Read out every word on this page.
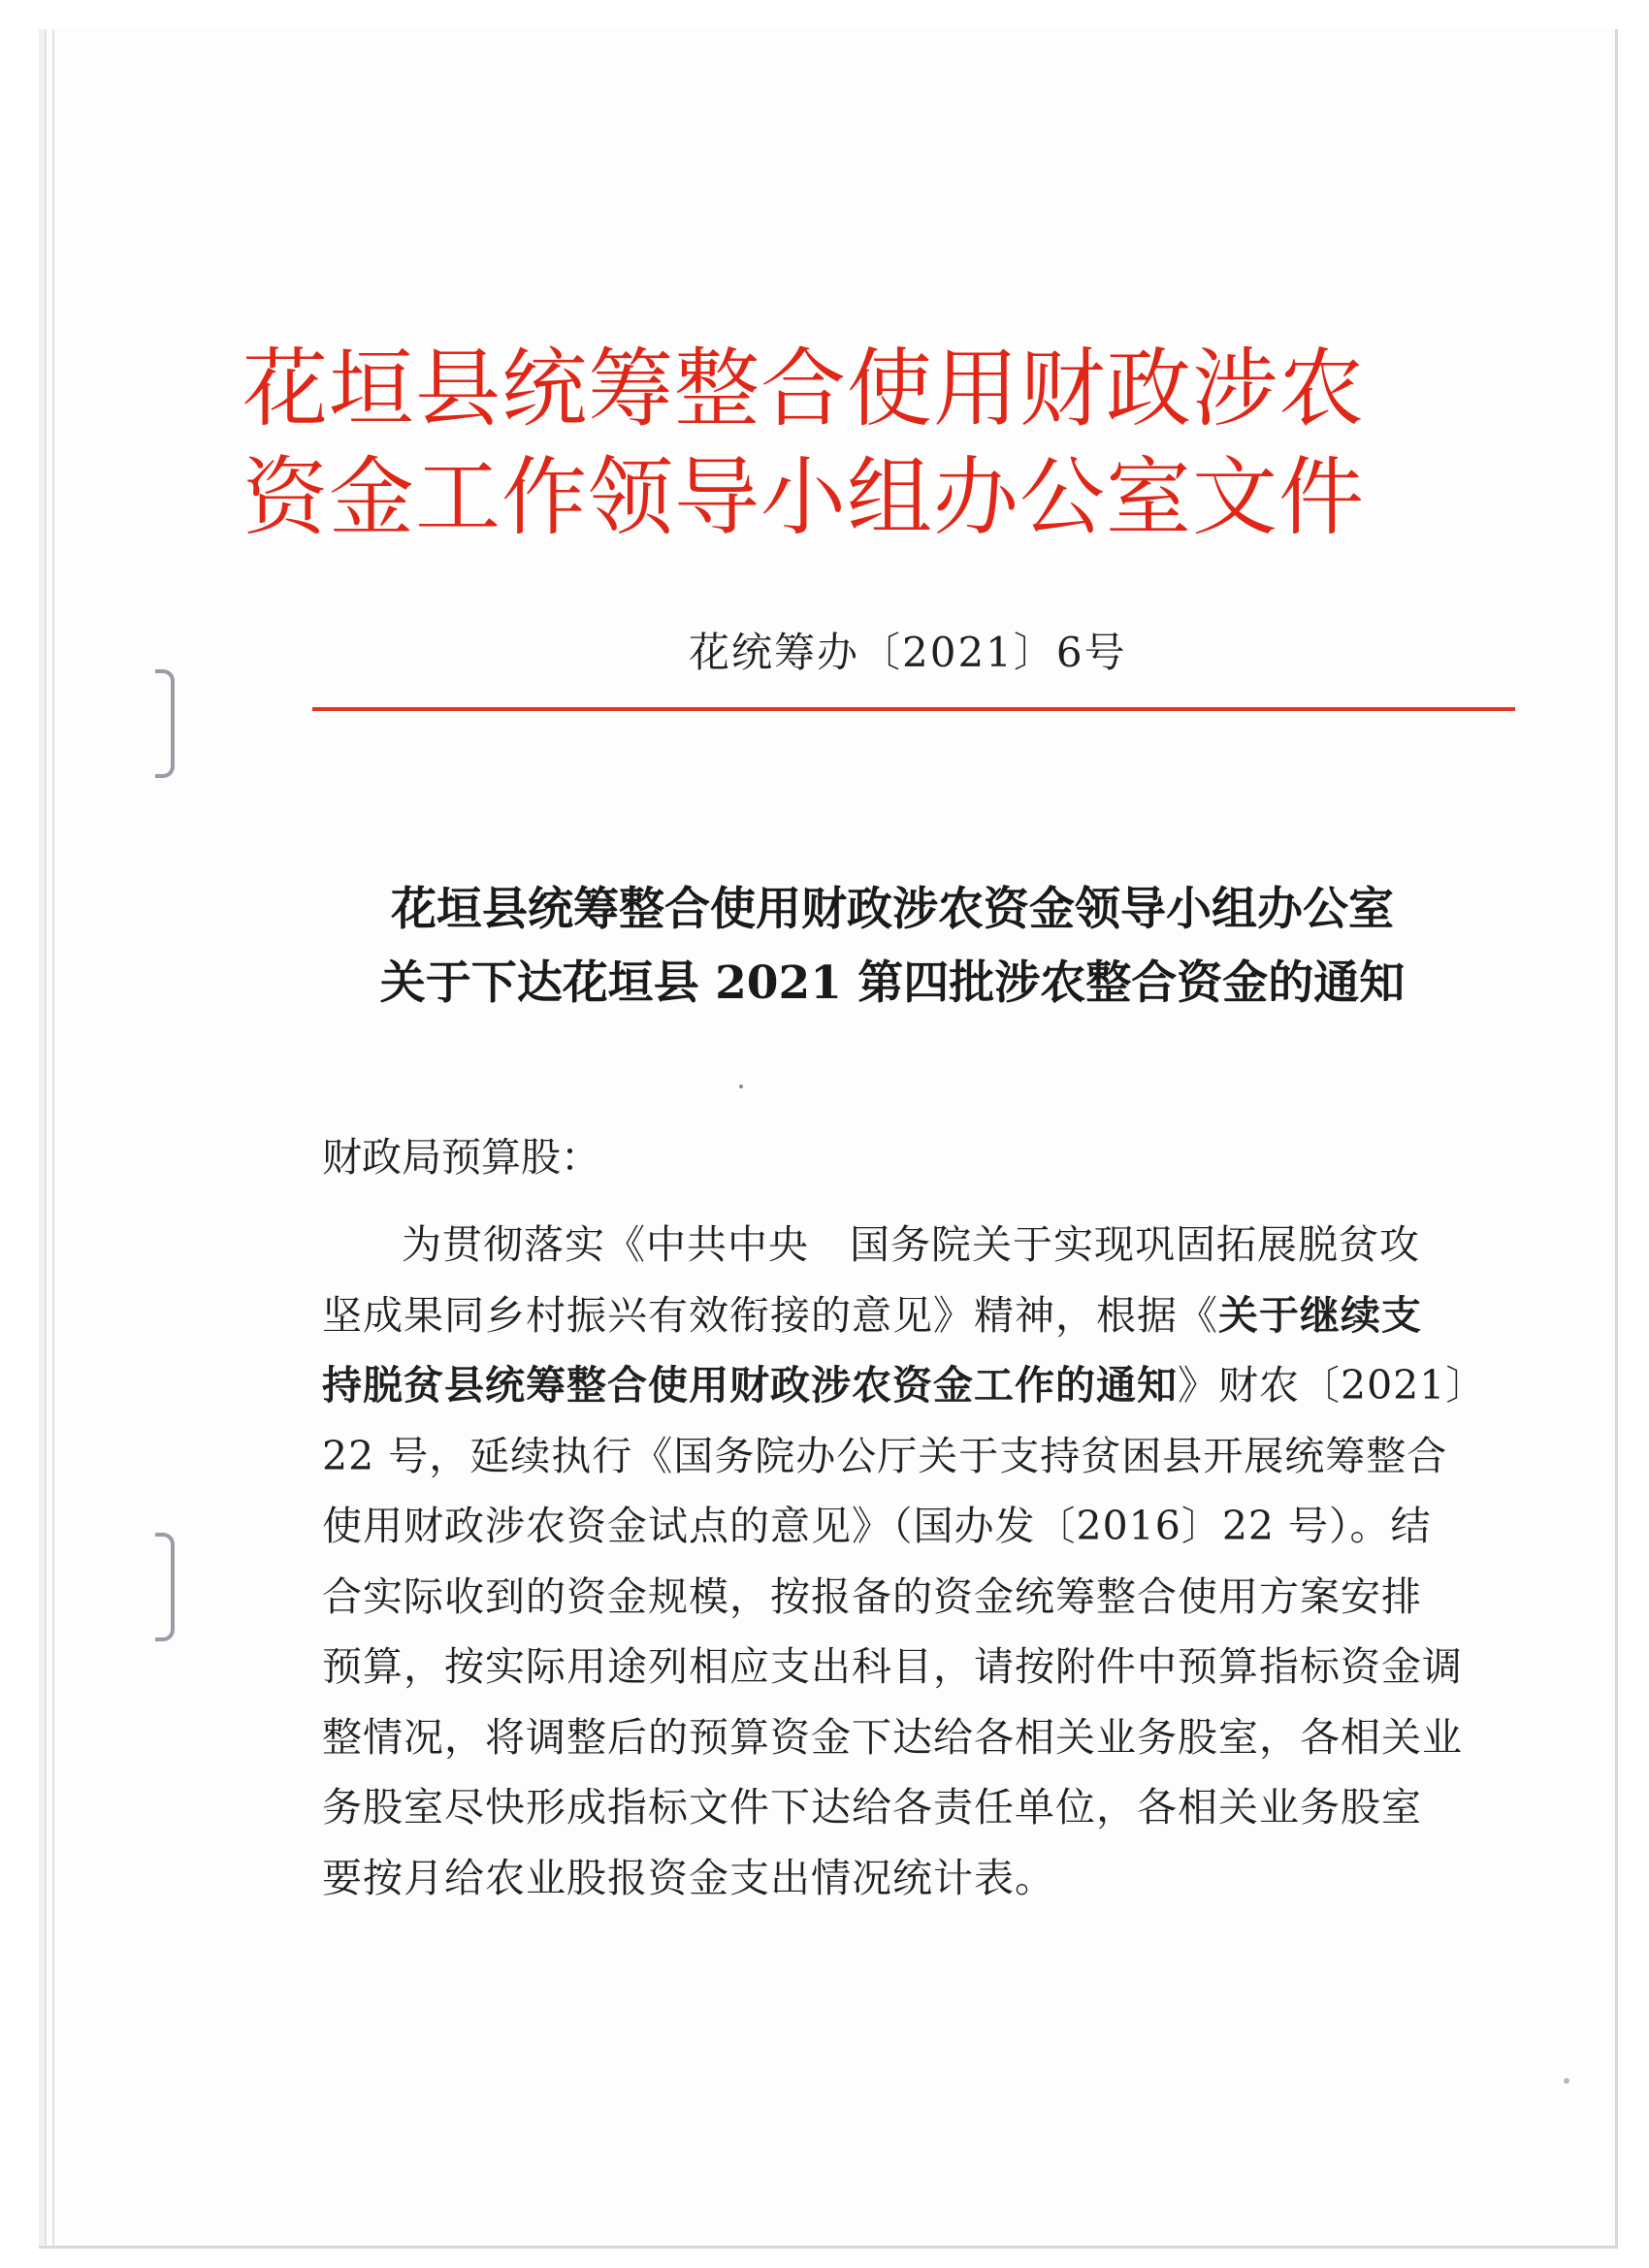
花垣县统筹整合使用财政涉农
资金工作领导小组办公室文件
花统筹办〔2021〕6号
花垣县统筹整合使用财政涉农资金领导小组办公室
关于下达花垣县 2021 第四批涉农整合资金的通知
财政局预算股：
为贯彻落实《中共中央　国务院关于实现巩固拓展脱贫攻
坚成果同乡村振兴有效衔接的意见》精神，根据《关于继续支
持脱贫县统筹整合使用财政涉农资金工作的通知》财农〔2021〕
22 号，延续执行《国务院办公厅关于支持贫困县开展统筹整合
使用财政涉农资金试点的意见》（国办发〔2016〕22 号）。结
合实际收到的资金规模，按报备的资金统筹整合使用方案安排
预算，按实际用途列相应支出科目，请按附件中预算指标资金调
整情况，将调整后的预算资金下达给各相关业务股室，各相关业
务股室尽快形成指标文件下达给各责任单位，各相关业务股室
要按月给农业股报资金支出情况统计表。
